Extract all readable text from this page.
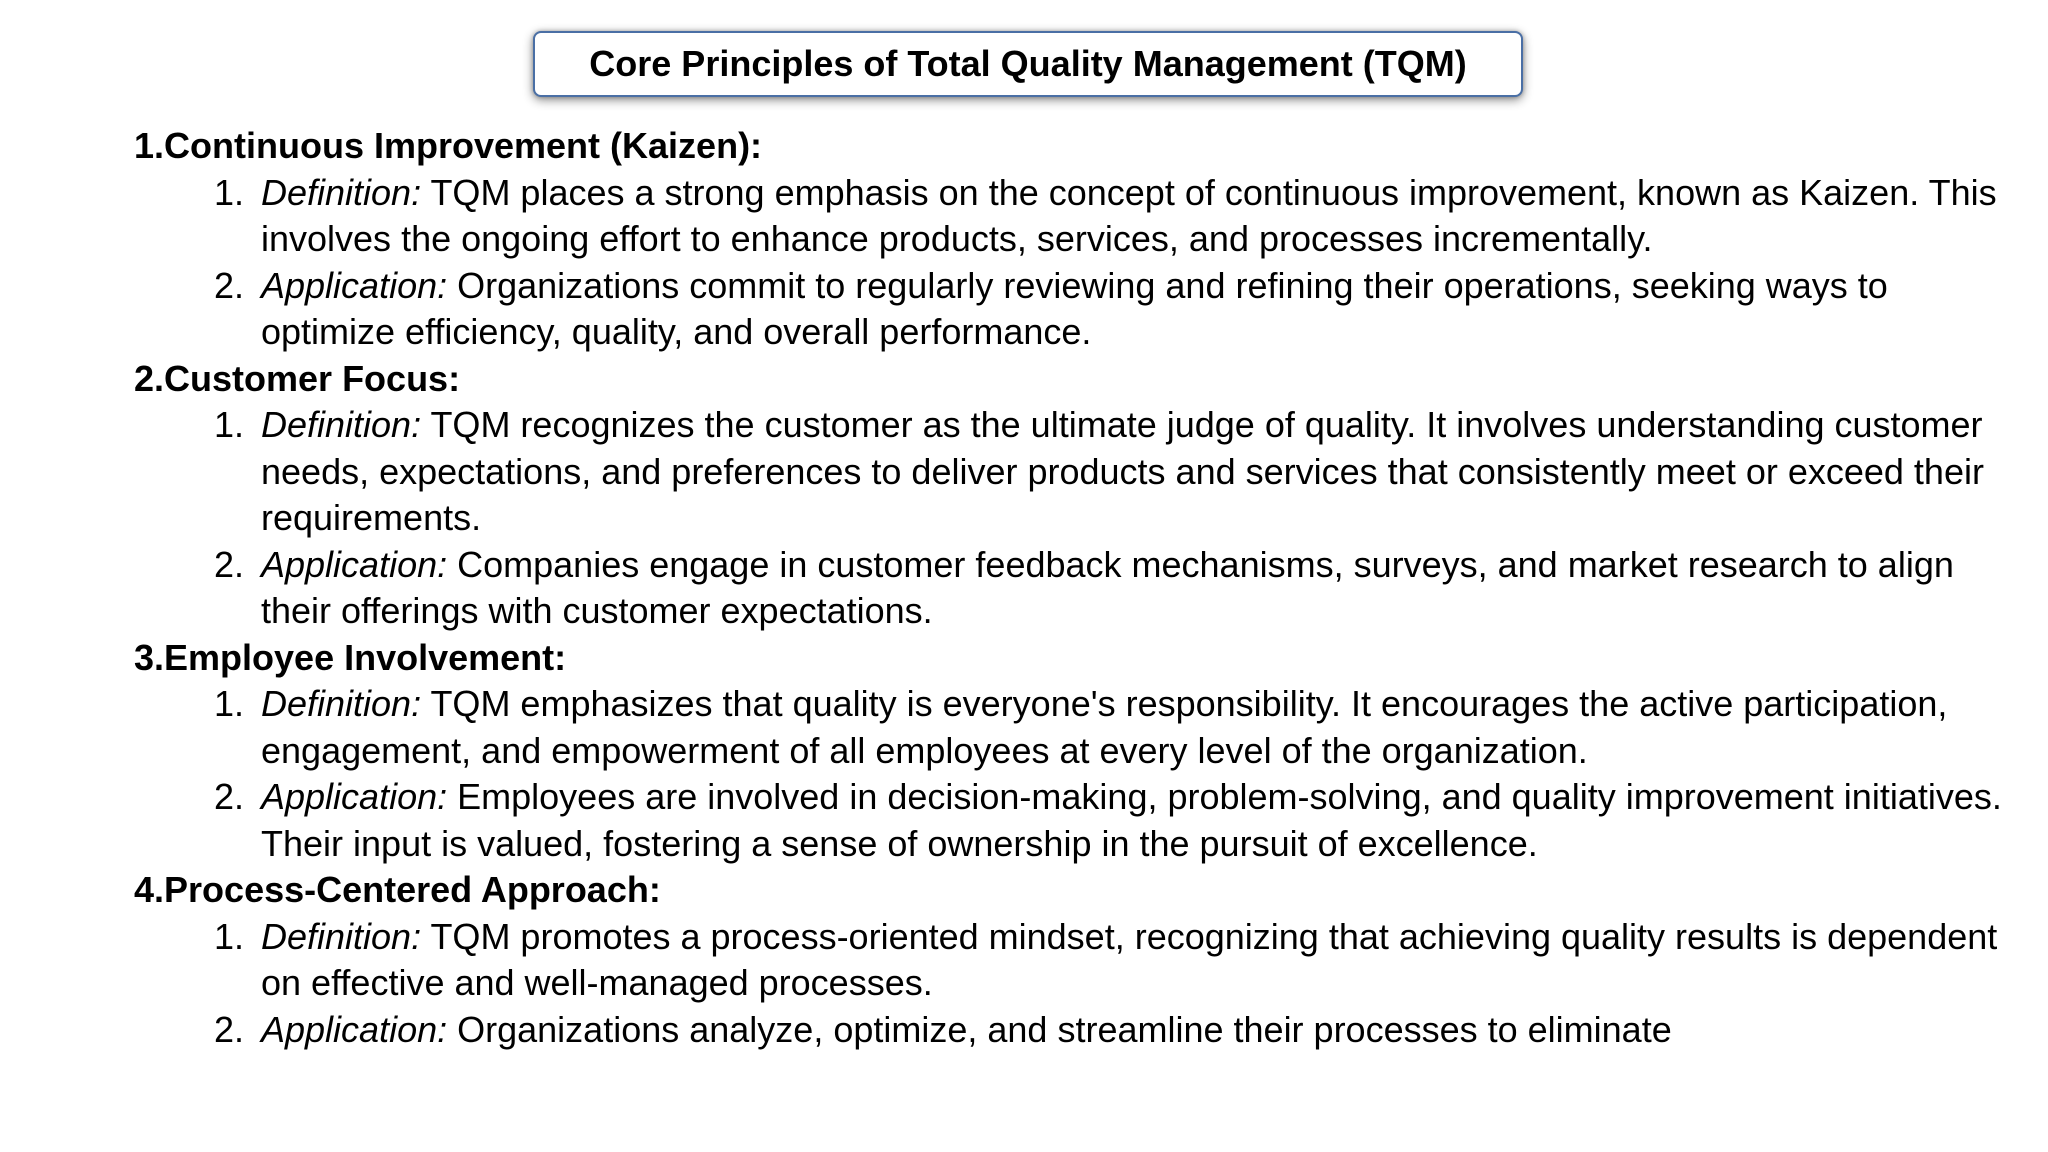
Core Principles of Total Quality Management (TQM)
1.Continuous Improvement (Kaizen):
1. Definition: TQM places a strong emphasis on the concept of continuous improvement, known as Kaizen. This involves the ongoing effort to enhance products, services, and processes incrementally.
2. Application: Organizations commit to regularly reviewing and refining their operations, seeking ways to optimize efficiency, quality, and overall performance.
2.Customer Focus:
1. Definition: TQM recognizes the customer as the ultimate judge of quality. It involves understanding customer needs, expectations, and preferences to deliver products and services that consistently meet or exceed their requirements.
2. Application: Companies engage in customer feedback mechanisms, surveys, and market research to align their offerings with customer expectations.
3.Employee Involvement:
1. Definition: TQM emphasizes that quality is everyone's responsibility. It encourages the active participation, engagement, and empowerment of all employees at every level of the organization.
2. Application: Employees are involved in decision-making, problem-solving, and quality improvement initiatives. Their input is valued, fostering a sense of ownership in the pursuit of excellence.
4.Process-Centered Approach:
1. Definition: TQM promotes a process-oriented mindset, recognizing that achieving quality results is dependent on effective and well-managed processes.
2. Application: Organizations analyze, optimize, and streamline their processes to eliminate
